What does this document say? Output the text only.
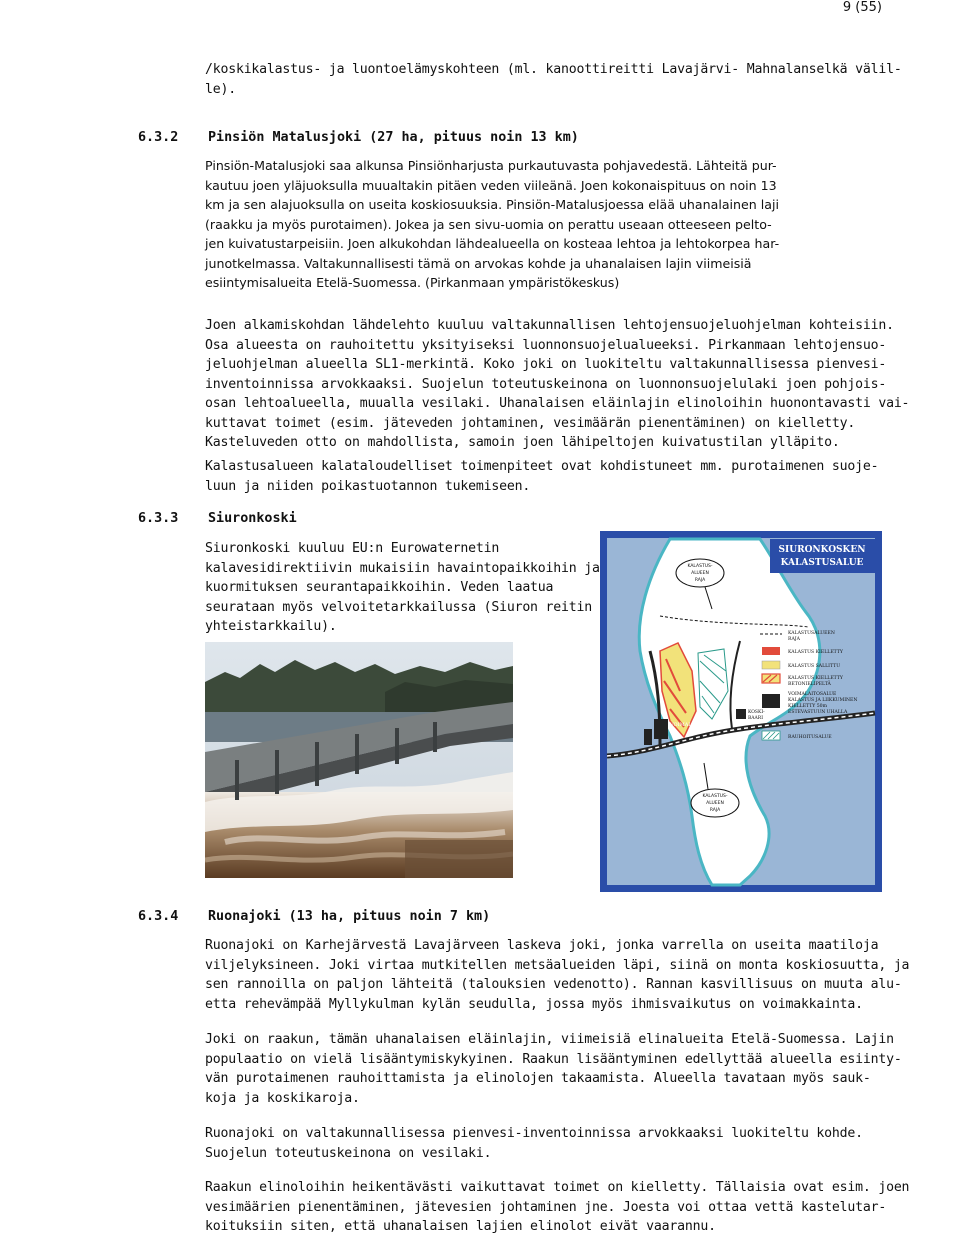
9 (55)
/koskikalastus- ja luontoelämyskohteen (ml. kanoottireitti Lavajärvi- Mahnalanselkä välil-
le).
6.3.2 Pinsiön Matalusjoki (27 ha, pituus noin 13 km)
Pinsiön-Matalusjoki saa alkunsa Pinsiönharjusta purkautuvasta pohjavedestä. Lähteitä pur-
kautuu joen yläjuoksulla muualtakin pitäen veden viileänä. Joen kokonaispituus on noin 13
km ja sen alajuoksulla on useita koskiosuuksia. Pinsiön-Matalusjoessa elää uhanalainen laji
(raakku ja myös purotaimen). Jokea ja sen sivu-uomia on perattu useaan otteeseen pelto-
jen kuivatustarpeisiin. Joen alkukohdan lähdealueella on kosteaa lehtoa ja lehtokorpea har-
junotkelmassa. Valtakunnallisesti tämä on arvokas kohde ja uhanalaisen lajin viimeisiä
esiintymisalueita Etelä-Suomessa. (Pirkanmaan ympäristökeskus)
Joen alkamiskohdan lähdelehto kuuluu valtakunnallisen lehtojensuojeluohjelman kohteisiin.
Osa alueesta on rauhoitettu yksityiseksi luonnonsuojelualueeksi. Pirkanmaan lehtojensuo-
jeluohjelman alueella SL1-merkintä. Koko joki on luokiteltu valtakunnallisessa pienvesi-
inventoinnissa arvokkaaksi. Suojelun toteutuskeinona on luonnonsuojelulaki joen pohjois-
osan lehtoalueella, muualla vesilaki. Uhanalaisen eläinlajin elinoloihin huonontavasti vai-
kuttavat toimet (esim. jäteveden johtaminen, vesimäärän pienentäminen) on kielletty.
Kasteluveden otto on mahdollista, samoin joen lähipeltojen kuivatustilan ylläpito.
Kalastusalueen kalataloudelliset toimenpiteet ovat kohdistuneet mm. purotaimenen suoje-
luun ja niiden poikastuotannon tukemiseen.
6.3.3 Siuronkoski
Siuronkoski kuuluu EU:n Eurowaternetin
kalavesidirektiivin mukaisiin havaintopaikkoihin ja
kuormituksen seurantapaikkoihin. Veden laatua
seurataan myös velvoitetarkkailussa (Siuron reitin
yhteistarkkailu).
SIURONKOSKEN
KALASTUSALUE
KALASTUS-
ALUEEN
RAJA
VOIMALA
KOSKI-
BAARI
KALASTUS-
ALUEEN
RAJA
KALASTUSALUEEN
RAJA
KALASTUS KIELLETTY
KALASTUS SALLITTU
KALASTUS KIELLETTY
BETONIELIPELTÄ
VOIMALAITOSALUE
KALASTUS JA LIIKKUMINEN
KIELLETTY 50m
ESTEVASTUUN UHALLA
RAUHOITUSALUE
6.3.4 Ruonajoki (13 ha, pituus noin 7 km)
Ruonajoki on Karhejärvestä Lavajärveen laskeva joki, jonka varrella on useita maatiloja
viljelyksineen. Joki virtaa mutkitellen metsäalueiden läpi, siinä on monta koskiosuutta, ja
sen rannoilla on paljon lähteitä (talouksien vedenotto). Rannan kasvillisuus on muuta alu-
etta rehevämpää Myllykulman kylän seudulla, jossa myös ihmisvaikutus on voimakkainta.
Joki on raakun, tämän uhanalaisen eläinlajin, viimeisiä elinalueita Etelä-Suomessa. Lajin
populaatio on vielä lisääntymiskykyinen. Raakun lisääntyminen edellyttää alueella esiinty-
vän purotaimenen rauhoittamista ja elinolojen takaamista. Alueella tavataan myös sauk-
koja ja koskikaroja.
Ruonajoki on valtakunnallisessa pienvesi-inventoinnissa arvokkaaksi luokiteltu kohde.
Suojelun toteutuskeinona on vesilaki.
Raakun elinoloihin heikentävästi vaikuttavat toimet on kielletty. Tällaisia ovat esim. joen
vesimäärien pienentäminen, jätevesien johtaminen jne. Joesta voi ottaa vettä kastelutar-
koituksiin siten, että uhanalaisen lajien elinolot eivät vaarannu.
